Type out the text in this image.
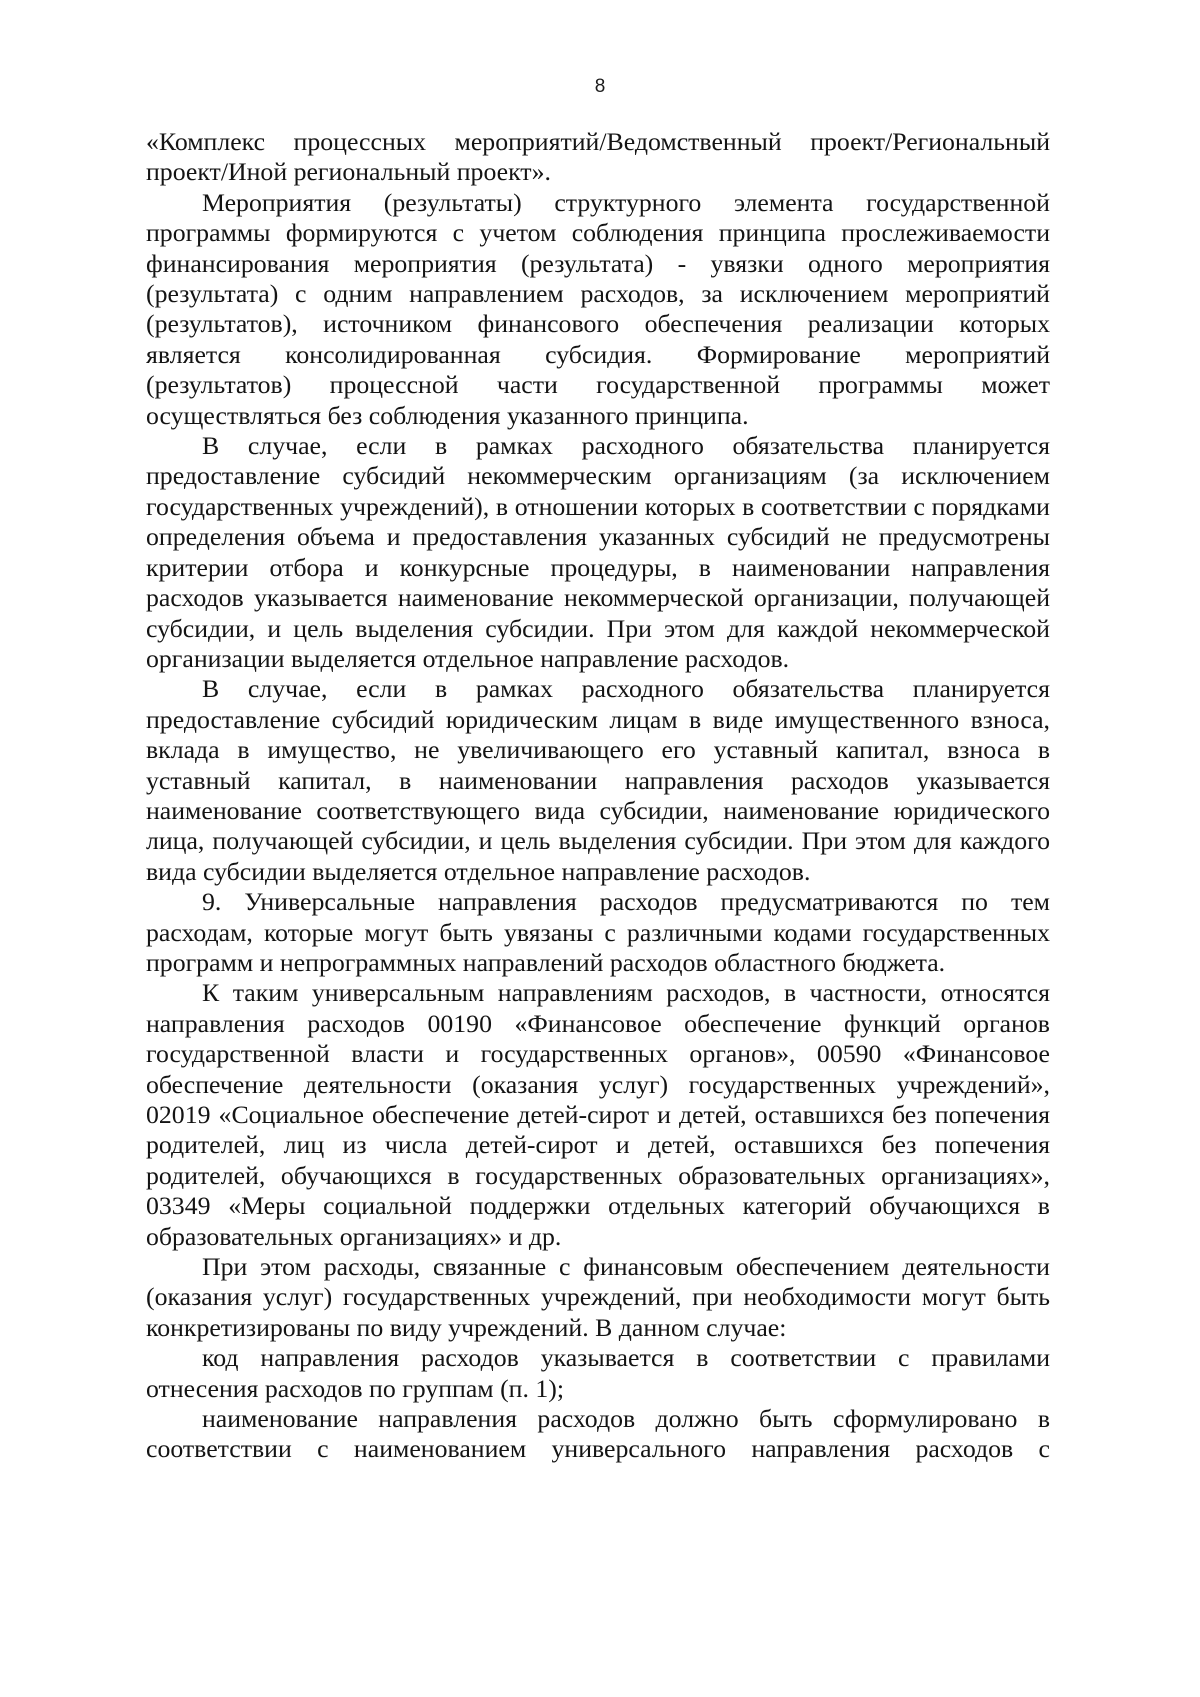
8

«Комплекс процессных мероприятий/Ведомственный проект/Региональный проект/Иной региональный проект».

Мероприятия (результаты) структурного элемента государственной программы формируются с учетом соблюдения принципа прослеживаемости финансирования мероприятия (результата) - увязки одного мероприятия (результата) с одним направлением расходов, за исключением мероприятий (результатов), источником финансового обеспечения реализации которых является консолидированная субсидия. Формирование мероприятий (результатов) процессной части государственной программы может осуществляться без соблюдения указанного принципа.

В случае, если в рамках расходного обязательства планируется предоставление субсидий некоммерческим организациям (за исключением государственных учреждений), в отношении которых в соответствии с порядками определения объема и предоставления указанных субсидий не предусмотрены критерии отбора и конкурсные процедуры, в наименовании направления расходов указывается наименование некоммерческой организации, получающей субсидии, и цель выделения субсидии. При этом для каждой некоммерческой организации выделяется отдельное направление расходов.

В случае, если в рамках расходного обязательства планируется предоставление субсидий юридическим лицам в виде имущественного взноса, вклада в имущество, не увеличивающего его уставный капитал, взноса в уставный капитал, в наименовании направления расходов указывается наименование соответствующего вида субсидии, наименование юридического лица, получающей субсидии, и цель выделения субсидии. При этом для каждого вида субсидии выделяется отдельное направление расходов.

9. Универсальные направления расходов предусматриваются по тем расходам, которые могут быть увязаны с различными кодами государственных программ и непрограммных направлений расходов областного бюджета.

К таким универсальным направлениям расходов, в частности, относятся направления расходов 00190 «Финансовое обеспечение функций органов государственной власти и государственных органов», 00590 «Финансовое обеспечение деятельности (оказания услуг) государственных учреждений», 02019 «Социальное обеспечение детей-сирот и детей, оставшихся без попечения родителей, лиц из числа детей-сирот и детей, оставшихся без попечения родителей, обучающихся в государственных образовательных организациях», 03349 «Меры социальной поддержки отдельных категорий обучающихся в образовательных организациях» и др.

При этом расходы, связанные с финансовым обеспечением деятельности (оказания услуг) государственных учреждений, при необходимости могут быть конкретизированы по виду учреждений. В данном случае:

код направления расходов указывается в соответствии с правилами отнесения расходов по группам (п. 1);

наименование направления расходов должно быть сформулировано в соответствии с наименованием универсального направления расходов с
